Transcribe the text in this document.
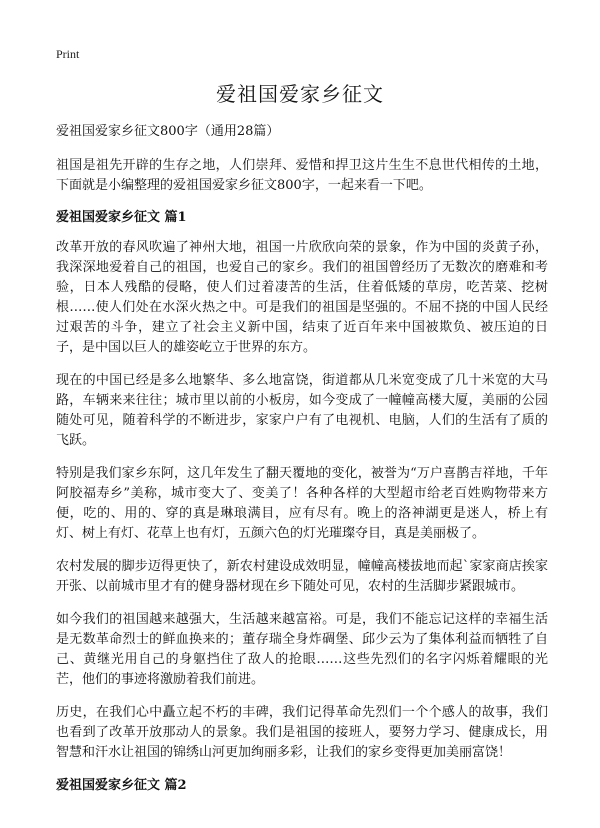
Print
爱祖国爱家乡征文
爱祖国爱家乡征文800字（通用28篇）

祖国是祖先开辟的生存之地，人们崇拜、爱惜和捍卫这片生生不息世代相传的土地，下面就是小编整理的爱祖国爱家乡征文800字，一起来看一下吧。

爱祖国爱家乡征文 篇1

改革开放的春风吹遍了神州大地，祖国一片欣欣向荣的景象，作为中国的炎黄子孙，我深深地爱着自己的祖国，也爱自己的家乡。我们的祖国曾经历了无数次的磨难和考验，日本人残酷的侵略，使人们过着凄苦的生活，住着低矮的草房，吃苦菜、挖树根……使人们处在水深火热之中。可是我们的祖国是坚强的。不屈不挠的中国人民经过艰苦的斗争，建立了社会主义新中国，结束了近百年来中国被欺负、被压迫的日子，是中国以巨人的雄姿屹立于世界的东方。

现在的中国已经是多么地繁华、多么地富饶，街道都从几米宽变成了几十米宽的大马路，车辆来来往往；城市里以前的小板房，如今变成了一幢幢高楼大厦，美丽的公园随处可见，随着科学的不断进步，家家户户有了电视机、电脑，人们的生活有了质的飞跃。

特别是我们家乡东阿，这几年发生了翻天覆地的变化，被誉为“万户喜鹊吉祥地，千年阿胶福寿乡”美称，城市变大了、变美了！各种各样的大型超市给老百姓购物带来方便，吃的、用的、穿的真是琳琅满目，应有尽有。晚上的洛神湖更是迷人，桥上有灯、树上有灯、花草上也有灯，五颜六色的灯光璀璨夺目，真是美丽极了。

农村发展的脚步迈得更快了，新农村建设成效明显，幢幢高楼拔地而起`家家商店挨家开张、以前城市里才有的健身器材现在乡下随处可见，农村的生活脚步紧跟城市。

如今我们的祖国越来越强大，生活越来越富裕。可是，我们不能忘记这样的幸福生活是无数革命烈士的鲜血换来的；董存瑞全身炸碉堡、邱少云为了集体利益而牺牲了自己、黄继光用自己的身躯挡住了敌人的抢眼……这些先烈们的名字闪烁着耀眼的光芒，他们的事迹将激励着我们前进。

历史，在我们心中矗立起不朽的丰碑，我们记得革命先烈们一个个感人的故事，我们也看到了改革开放那动人的景象。我们是祖国的接班人，要努力学习、健康成长，用智慧和汗水让祖国的锦绣山河更加绚丽多彩，让我们的家乡变得更加美丽富饶！

爱祖国爱家乡征文 篇2
